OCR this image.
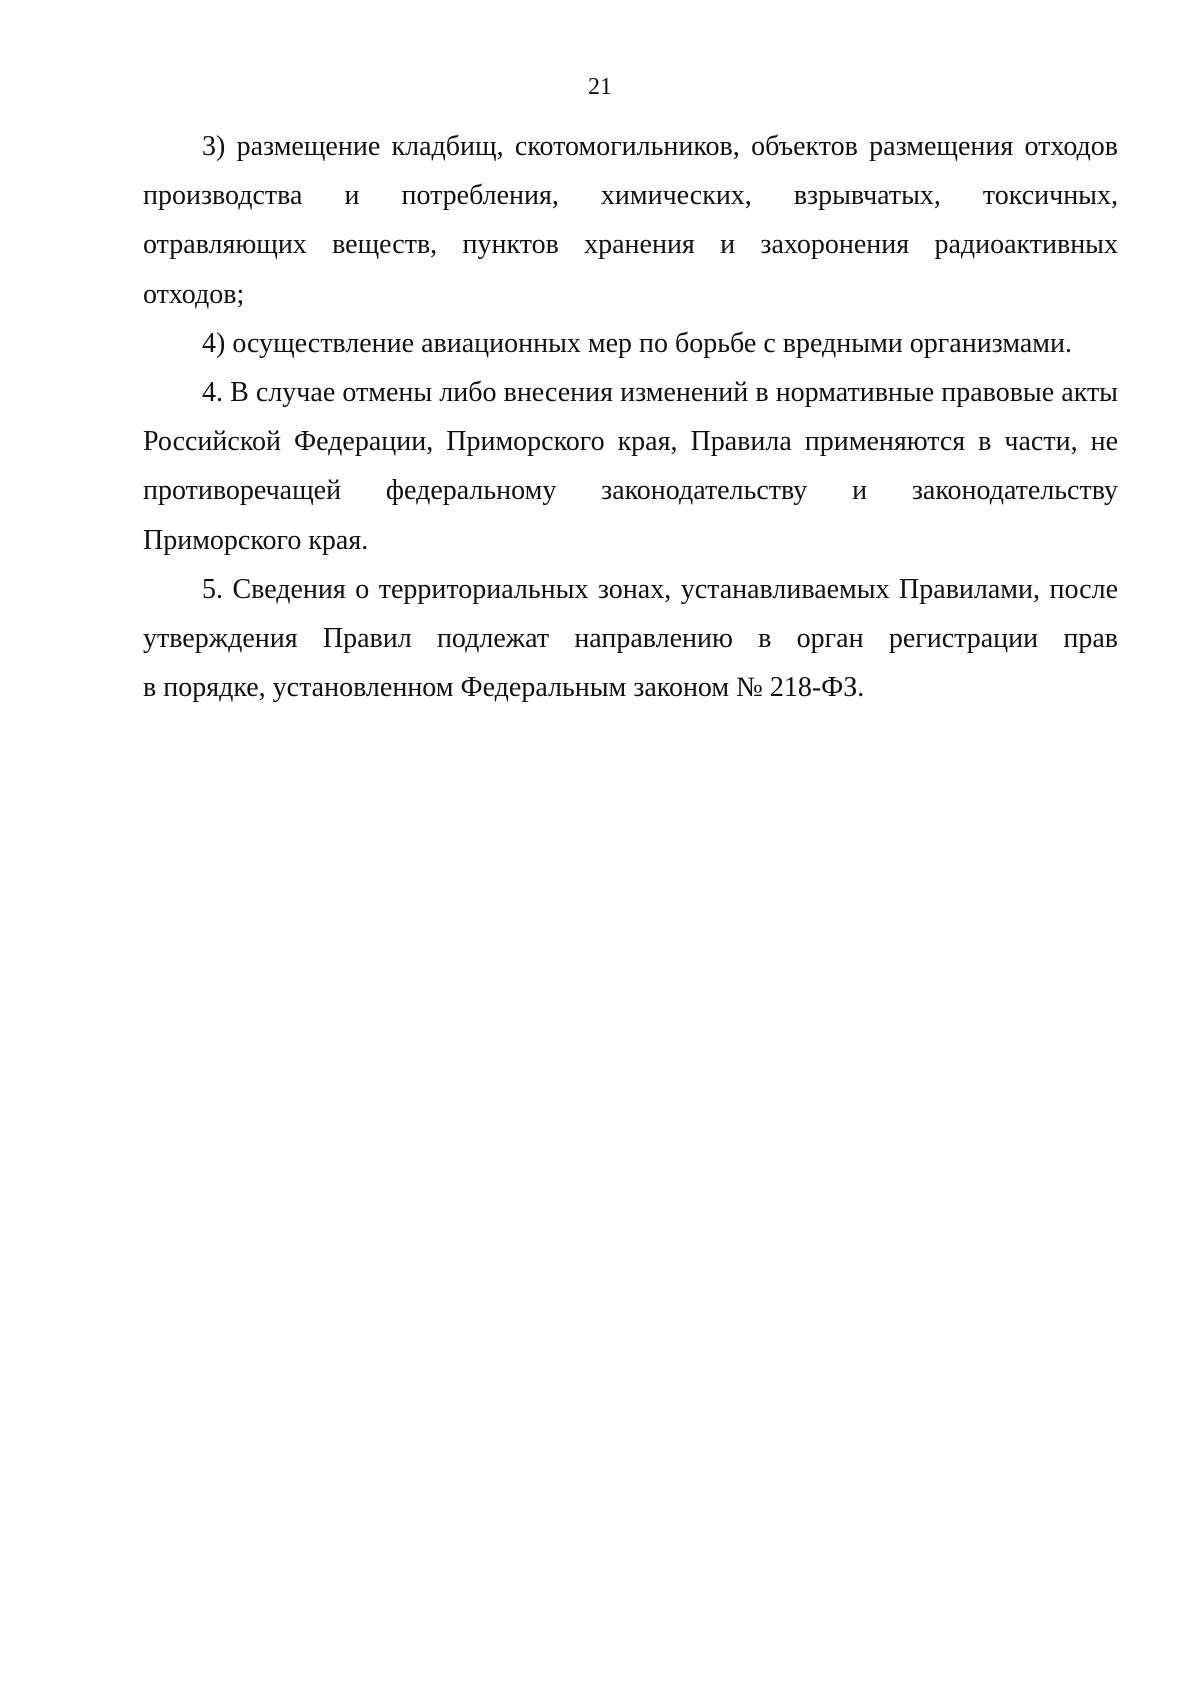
21

3) размещение кладбищ, скотомогильников, объектов размещения отходов
производства и потребления, химических, взрывчатых, токсичных,
отравляющих веществ, пунктов хранения и захоронения радиоактивных
отходов;

4) осуществление авиационных мер по борьбе с вредными организмами.

4. В случае отмены либо внесения изменений в нормативные правовые акты
Российской Федерации, Приморского края, Правила применяются в части, не
противоречащей федеральному законодательству и законодательству
Приморского края.

5. Сведения о территориальных зонах, устанавливаемых Правилами, после
утверждения Правил подлежат направлению в орган регистрации прав
в порядке, установленном Федеральным законом № 218-ФЗ.
